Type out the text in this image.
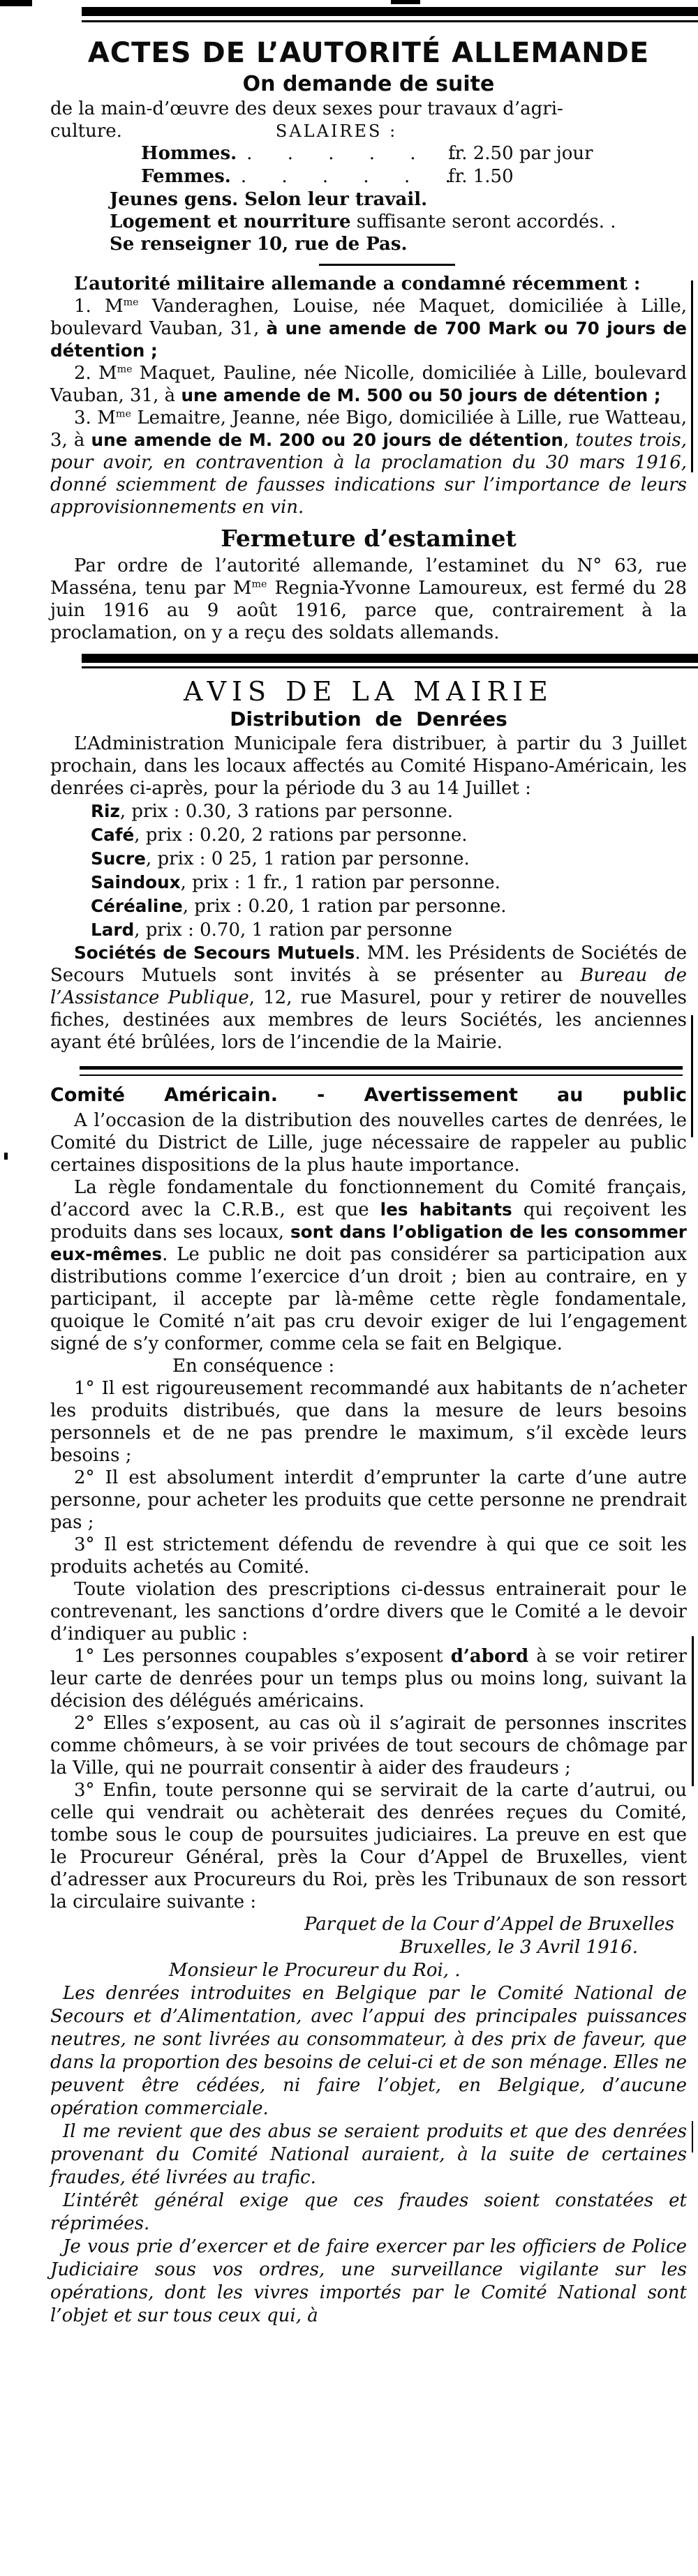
ACTES DE L’AUTORITÉ ALLEMANDE
On demande de suite
de la main-d’œuvre des deux sexes pour travaux d’agri-
culture.	SALAIRES :
Hommes. . . . . . .
fr. 2.50 par jour
Femmes. . . . . . .
fr. 1.50
Jeunes gens. Selon leur travail.
Logement et nourriture suffisante seront accordés. .
Se renseigner 10, rue de Pas.
L’autorité militaire allemande a condamné récemment :
1. $M^{me}$ Vanderaghen, Louise, née Maquet, domiciliée à Lille, boulevard Vauban, 31, à une amende de 700 Mark ou 70 jours de détention ;
2. $M^{me}$ Maquet, Pauline, née Nicolle, domiciliée à Lille, boulevard Vauban, 31, à une amende de M. 500 ou 50 jours de détention ;
3. $M^{me}$ Lemaitre, Jeanne, née Bigo, domiciliée à Lille, rue Watteau, 3, à une amende de M. 200 ou 20 jours de détention, toutes trois, pour avoir, en contravention à la proclamation du 30 mars 1916, donné sciemment de fausses indications sur l’importance de leurs approvisionnements en vin.
Fermeture d’estaminet
Par ordre de l’autorité allemande, l’estaminet du N° 63, rue Masséna, tenu par $M^{me}$ Regnia-Yvonne Lamoureux, est fermé du 28 juin 1916 au 9 août 1916, parce que, contrairement à la proclamation, on y a reçu des soldats allemands.
AVIS DE LA MAIRIE
Distribution de Denrées
L’Administration Municipale fera distribuer, à partir du 3 Juillet prochain, dans les locaux affectés au Comité Hispano-Américain, les denrées ci-après, pour la période du 3 au 14 Juillet :
Riz, prix : 0.30, 3 rations par personne.
Café, prix : 0.20, 2 rations par personne.
Sucre, prix : 0 25, 1 ration par personne.
Saindoux, prix : 1 fr., 1 ration par personne.
Céréaline, prix : 0.20, 1 ration par personne.
Lard, prix : 0.70, 1 ration par personne
Sociétés de Secours Mutuels. MM. les Présidents de Sociétés de Secours Mutuels sont invités à se présenter au Bureau de l’Assistance Publique, 12, rue Masurel, pour y retirer de nouvelles fiches, destinées aux membres de leurs Sociétés, les anciennes ayant été brûlées, lors de l’incendie de la Mairie.
Comité Américain. - Avertissement au public
A l’occasion de la distribution des nouvelles cartes de denrées, le Comité du District de Lille, juge nécessaire de rappeler au public certaines dispositions de la plus haute importance.
La règle fondamentale du fonctionnement du Comité français, d’accord avec la C.R.B., est que les habitants qui reçoivent les produits dans ses locaux, sont dans l’obligation de les consommer eux-mêmes. Le public ne doit pas considérer sa participation aux distributions comme l’exercice d’un droit ; bien au contraire, en y participant, il accepte par là-même cette règle fondamentale, quoique le Comité n’ait pas cru devoir exiger de lui l’engagement signé de s’y conformer, comme cela se fait en Belgique.
En conséquence :
1° Il est rigoureusement recommandé aux habitants de n’acheter les produits distribués, que dans la mesure de leurs besoins personnels et de ne pas prendre le maximum, s’il excède leurs besoins ;
2° Il est absolument interdit d’emprunter la carte d’une autre personne, pour acheter les produits que cette personne ne prendrait pas ;
3° Il est strictement défendu de revendre à qui que ce soit les produits achetés au Comité.
Toute violation des prescriptions ci-dessus entrainerait pour le contrevenant, les sanctions d’ordre divers que le Comité a le devoir d’indiquer au public :
1° Les personnes coupables s’exposent d’abord à se voir retirer leur carte de denrées pour un temps plus ou moins long, suivant la décision des délégués américains.
2° Elles s’exposent, au cas où il s’agirait de personnes inscrites comme chômeurs, à se voir privées de tout secours de chômage par la Ville, qui ne pourrait consentir à aider des fraudeurs ;
3° Enfin, toute personne qui se servirait de la carte d’autrui, ou celle qui vendrait ou achèterait des denrées reçues du Comité, tombe sous le coup de poursuites judiciaires. La preuve en est que le Procureur Général, près la Cour d’Appel de Bruxelles, vient d’adresser aux Procureurs du Roi, près les Tribunaux de son ressort la circulaire suivante :
Parquet de la Cour d’Appel de Bruxelles
Bruxelles, le 3 Avril 1916.
Monsieur le Procureur du Roi, .
Les denrées introduites en Belgique par le Comité National de Secours et d’Alimentation, avec l’appui des principales puissances neutres, ne sont livrées au consommateur, à des prix de faveur, que dans la proportion des besoins de celui-ci et de son ménage. Elles ne peuvent être cédées, ni faire l’objet, en Belgique, d’aucune opération commerciale.
Il me revient que des abus se seraient produits et que des denrées provenant du Comité National auraient, à la suite de certaines fraudes, été livrées au trafic.
L’intérêt général exige que ces fraudes soient constatées et réprimées.
Je vous prie d’exercer et de faire exercer par les officiers de Police Judiciaire sous vos ordres, une surveillance vigilante sur les opérations, dont les vivres importés par le Comité National sont l’objet et sur tous ceux qui, à
